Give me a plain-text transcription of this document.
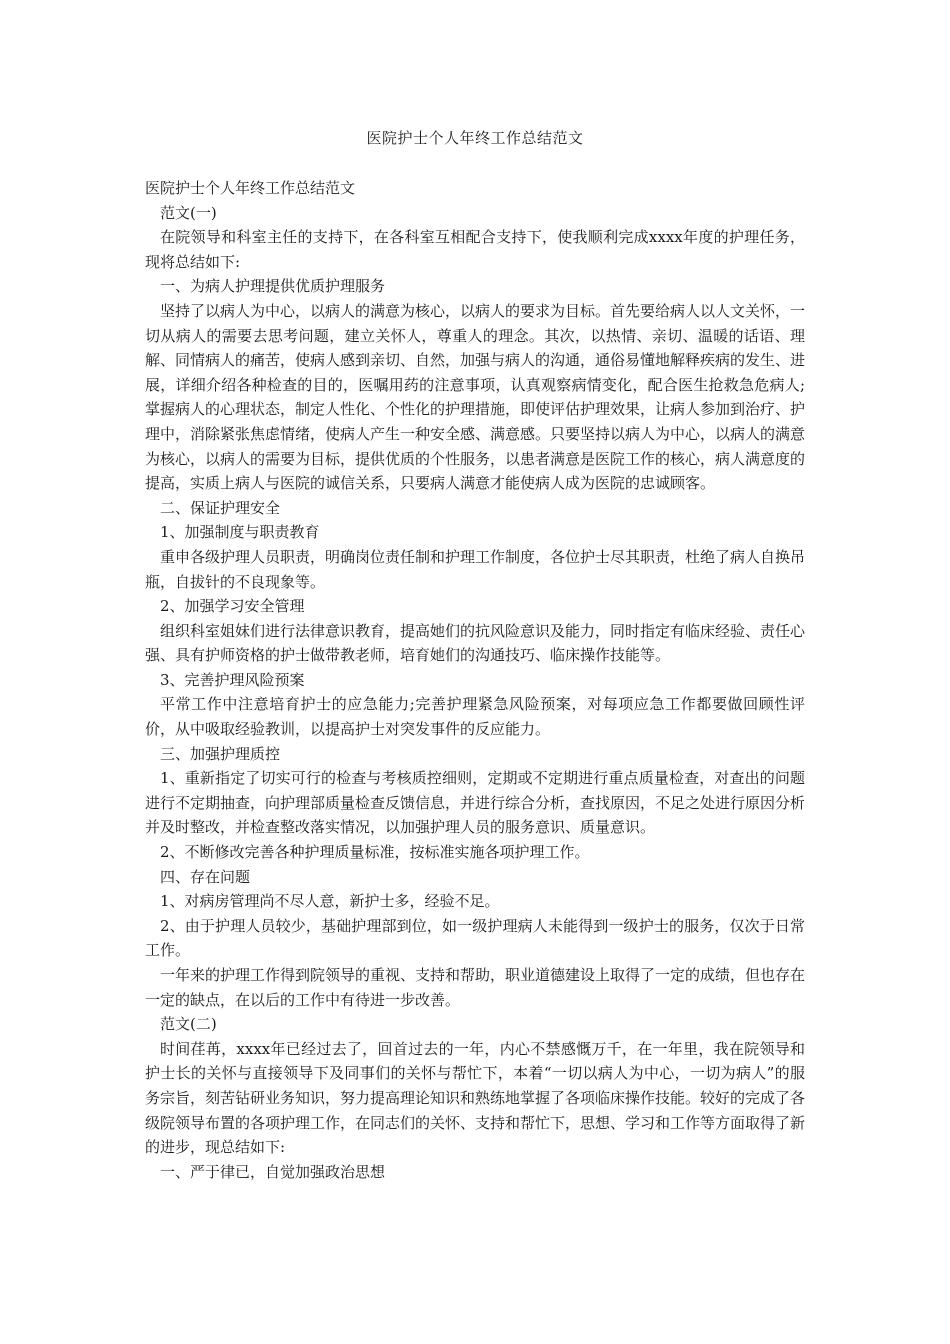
医院护士个人年终工作总结范文

医院护士个人年终工作总结范文

范文(一)

在院领导和科室主任的支持下，在各科室互相配合支持下，使我顺利完成xxxx年度的护理任务，现将总结如下:

一、为病人护理提供优质护理服务

坚持了以病人为中心，以病人的满意为核心，以病人的要求为目标。首先要给病人以人文关怀，一切从病人的需要去思考问题，建立关怀人，尊重人的理念。其次，以热情、亲切、温暖的话语、理解、同情病人的痛苦，使病人感到亲切、自然，加强与病人的沟通，通俗易懂地解释疾病的发生、进展，详细介绍各种检查的目的，医嘱用药的注意事项，认真观察病情变化，配合医生抢救急危病人;掌握病人的心理状态，制定人性化、个性化的护理措施，即使评估护理效果，让病人参加到治疗、护理中，消除紧张焦虑情绪，使病人产生一种安全感、满意感。只要坚持以病人为中心，以病人的满意为核心，以病人的需要为目标，提供优质的个性服务，以患者满意是医院工作的核心，病人满意度的提高，实质上病人与医院的诚信关系，只要病人满意才能使病人成为医院的忠诚顾客。

二、保证护理安全

1、加强制度与职责教育

重申各级护理人员职责，明确岗位责任制和护理工作制度，各位护士尽其职责，杜绝了病人自换吊瓶，自拔针的不良现象等。

2、加强学习安全管理

组织科室姐妹们进行法律意识教育，提高她们的抗风险意识及能力，同时指定有临床经验、责任心强、具有护师资格的护士做带教老师，培育她们的沟通技巧、临床操作技能等。

3、完善护理风险预案

平常工作中注意培育护士的应急能力;完善护理紧急风险预案，对每项应急工作都要做回顾性评价，从中吸取经验教训，以提高护士对突发事件的反应能力。

三、加强护理质控

1、重新指定了切实可行的检查与考核质控细则，定期或不定期进行重点质量检查，对查出的问题进行不定期抽查，向护理部质量检查反馈信息，并进行综合分析，查找原因，不足之处进行原因分析并及时整改，并检查整改落实情况，以加强护理人员的服务意识、质量意识。

2、不断修改完善各种护理质量标准，按标准实施各项护理工作。

四、存在问题

1、对病房管理尚不尽人意，新护士多，经验不足。

2、由于护理人员较少，基础护理部到位，如一级护理病人未能得到一级护士的服务，仅次于日常工作。

一年来的护理工作得到院领导的重视、支持和帮助，职业道德建设上取得了一定的成绩，但也存在一定的缺点，在以后的工作中有待进一步改善。

范文(二)

时间荏苒，xxxx年已经过去了，回首过去的一年，内心不禁感慨万千，在一年里，我在院领导和护士长的关怀与直接领导下及同事们的关怀与帮忙下，本着“一切以病人为中心，一切为病人”的服务宗旨，刻苦钻研业务知识，努力提高理论知识和熟练地掌握了各项临床操作技能。较好的完成了各级院领导布置的各项护理工作，在同志们的关怀、支持和帮忙下，思想、学习和工作等方面取得了新的进步，现总结如下:

一、严于律已，自觉加强政治思想
